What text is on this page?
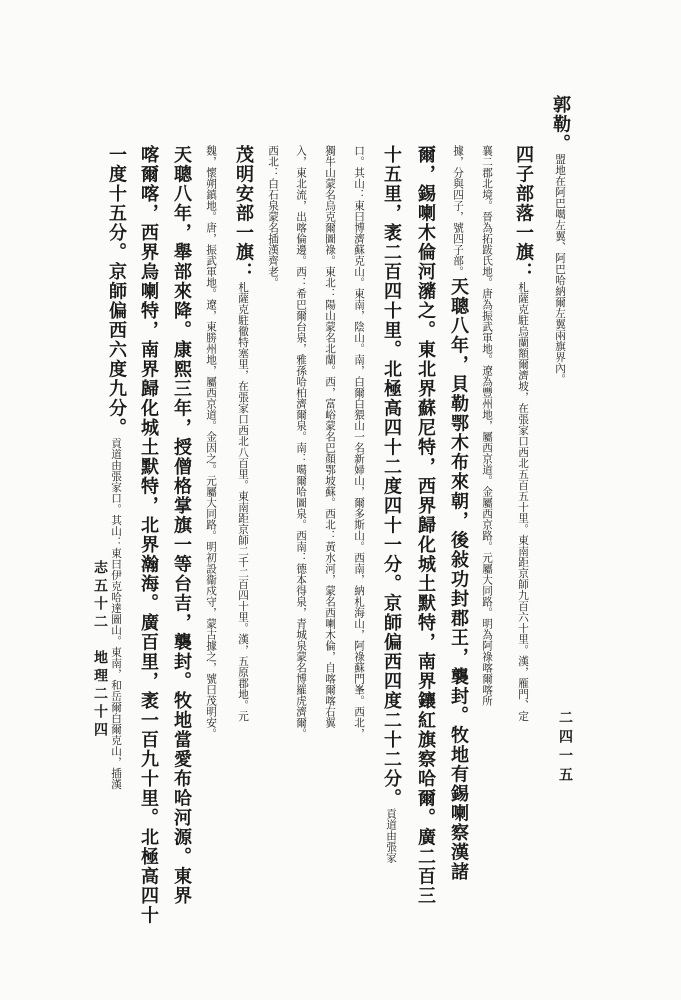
志五十二　地理二十四
二四一五
郭勒。盟地在阿巴噶左翼、阿巴哈納爾左翼兩旗界內。
四子部落一旗：札薩克駐烏蘭額爾濟坡，在張家口西北五百五十里。東南距京師九百六十里。漢，雁門、定
襄二郡北境。晉為拓跋氏地。唐為振武軍地。遼為豐州地，屬西京道。金屬西京路。元屬大同路。明為阿祿喀爾喀所
據，分與四子，號四子部。天聰八年，貝勒鄂木布來朝，後敍功封郡王，襲封。牧地有錫喇察漢諸
爾，錫喇木倫河瀦之。東北界蘇尼特，西界歸化城土默特，南界鑲紅旗察哈爾。廣二百三
十五里，袤二百四十里。北極高四十二度四十一分。京師偏西四度二十二分。貢道由張家
口。其山：東曰博濟蘇克山。東南，陰山。南，白爾白猥山一名新婦山，爾多斯山。西南，納札海山，阿祿蘇門峯。西北，
獨牛山蒙名烏克爾圖祿。東北：陽山蒙名北蘭。西，富峪蒙名巴顏鄂坡蘇。西北：黃水河，蒙名西喇木倫，自喀爾喀右翼
入，東北流，出喀倫邊。西：希巴爾台泉，雅孫哈柏濟爾泉。南：噶爾哈圖泉。西南：德本得泉，青城泉蒙名博羅虎濟爾。
西北：白石泉蒙名插漢齊老。
茂明安部一旗：札薩克駐徹特塞里，在張家口西北八百里。東南距京師二千二百四十里。漢，五原郡地。元
魏，懷朔鎮地。唐，振武軍地。遼，東勝州地，屬西京道。金因之。元屬大同路。明初設衞戍守，蒙古據之，號曰茂明安。
天聰八年，舉部來降。康熙三年，授僧格掌旗一等台吉，襲封。牧地當愛布哈河源。東界
喀爾喀，西界烏喇特，南界歸化城土默特，北界瀚海。廣百里，袤一百九十里。北極高四十
一度十五分。京師偏西六度九分。貢道由張家口。其山：東曰伊克哈達圖山。東南，和岳爾白爾克山，插漢
